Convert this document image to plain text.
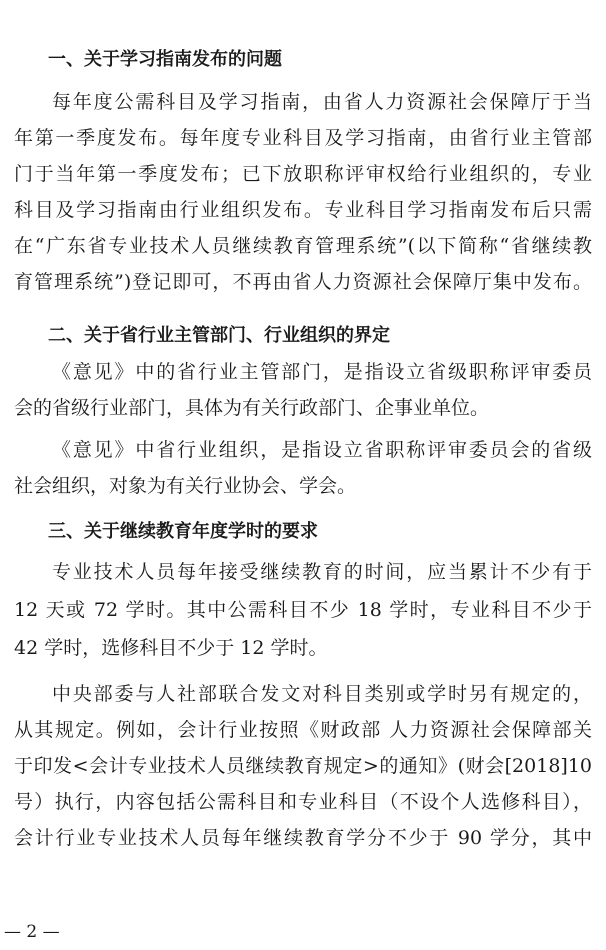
一、关于学习指南发布的问题
每年度公需科目及学习指南，由省人力资源社会保障厅于当
年第一季度发布。每年度专业科目及学习指南，由省行业主管部
门于当年第一季度发布；已下放职称评审权给行业组织的，专业
科目及学习指南由行业组织发布。专业科目学习指南发布后只需
在“广东省专业技术人员继续教育管理系统”(以下简称“省继续教
育管理系统”)登记即可，不再由省人力资源社会保障厅集中发布。
二、关于省行业主管部门、行业组织的界定
《意见》中的省行业主管部门，是指设立省级职称评审委员
会的省级行业部门，具体为有关行政部门、企事业单位。
《意见》中省行业组织，是指设立省职称评审委员会的省级
社会组织，对象为有关行业协会、学会。
三、关于继续教育年度学时的要求
专业技术人员每年接受继续教育的时间，应当累计不少有于
12 天或 72 学时。其中公需科目不少 18 学时，专业科目不少于
42 学时，选修科目不少于 12 学时。
中央部委与人社部联合发文对科目类别或学时另有规定的，
从其规定。例如，会计行业按照《财政部 人力资源社会保障部关
于印发<会计专业技术人员继续教育规定>的通知》(财会[2018]10
号）执行，内容包括公需科目和专业科目（不设个人选修科目），
会计行业专业技术人员每年继续教育学分不少于 90 学分，其中
— 2 —
